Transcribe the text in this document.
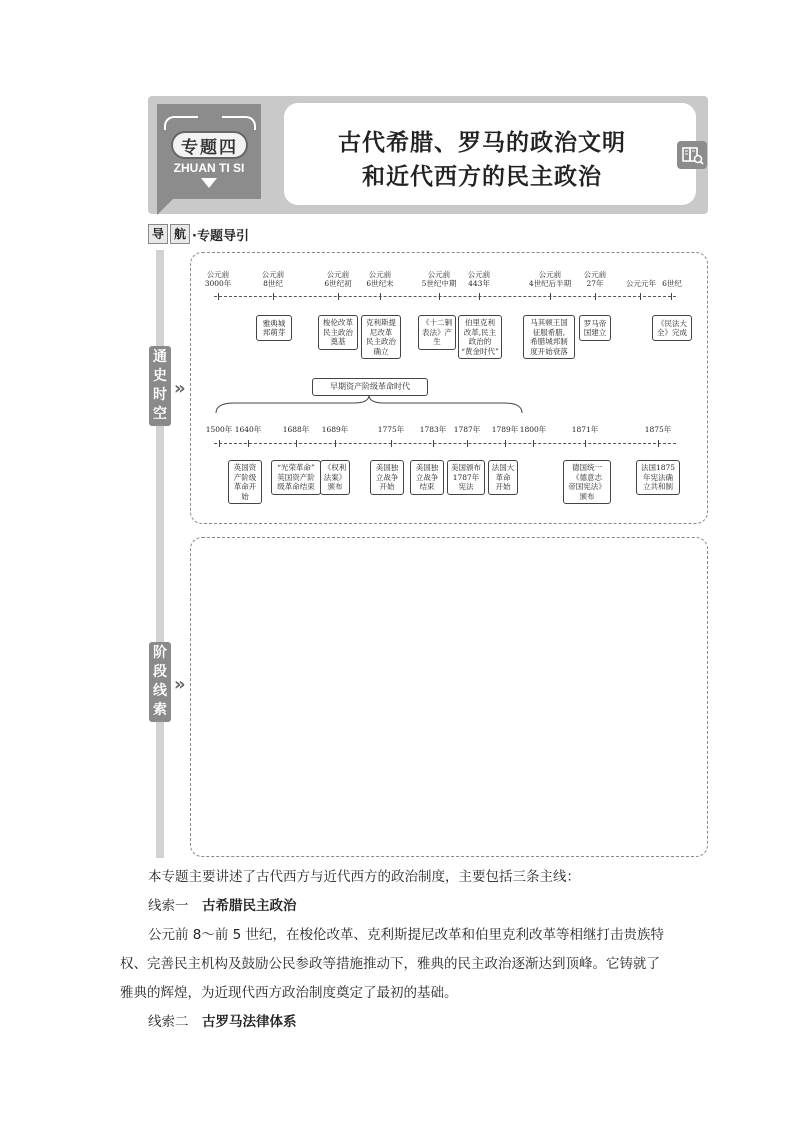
专题四
ZHUAN TI SI
古代希腊、罗马的政治文明
和近代西方的民主政治
导 航 ·专题导引
通
史
时
空
»
阶
段
线
索
»
公元前
3000年
公元前
8世纪
公元前
6世纪初
公元前
6世纪末
公元前
5世纪中期
公元前
443年
公元前
4世纪后半期
公元前
27年	公元元年 6世纪
雅典城
邦萌芽
梭伦改革
民主政治
奠基
克利斯提
尼改革
民主政治
确立
《十二铜
表法》产
生
伯里克利
改革,民主
政治的
“黄金时代”
马其顿王国
征服希腊,
希腊城邦制
度开始衰落
罗马帝
国建立
《民法大
全》完成
早期资产阶级革命时代
1500年 1640年	1688年 1689年	1775年 1783年 1787年 1789年 1800年	1871年	1875年
英国资
产阶级
革命开
始
“光荣革命”
英国资产阶
级革命结束
《权利
法案》
颁布
美国独
立战争
开始
美国独
立战争
结束
美国颁布
1787年
宪法
法国大
革命
开始
德国统一
《德意志
帝国宪法》
颁布
法国1875
年宪法确
立共和制
本专题主要讲述了古代西方与近代西方的政治制度，主要包括三条主线：
线索一　 古希腊民主政治
公元前 8～前 5 世纪，在梭伦改革、克利斯提尼改革和伯里克利改革等相继打击贵族特
权、完善民主机构及鼓励公民参政等措施推动下，雅典的民主政治逐渐达到顶峰。它铸就了
雅典的辉煌，为近现代西方政治制度奠定了最初的基础。
线索二　 古罗马法律体系
